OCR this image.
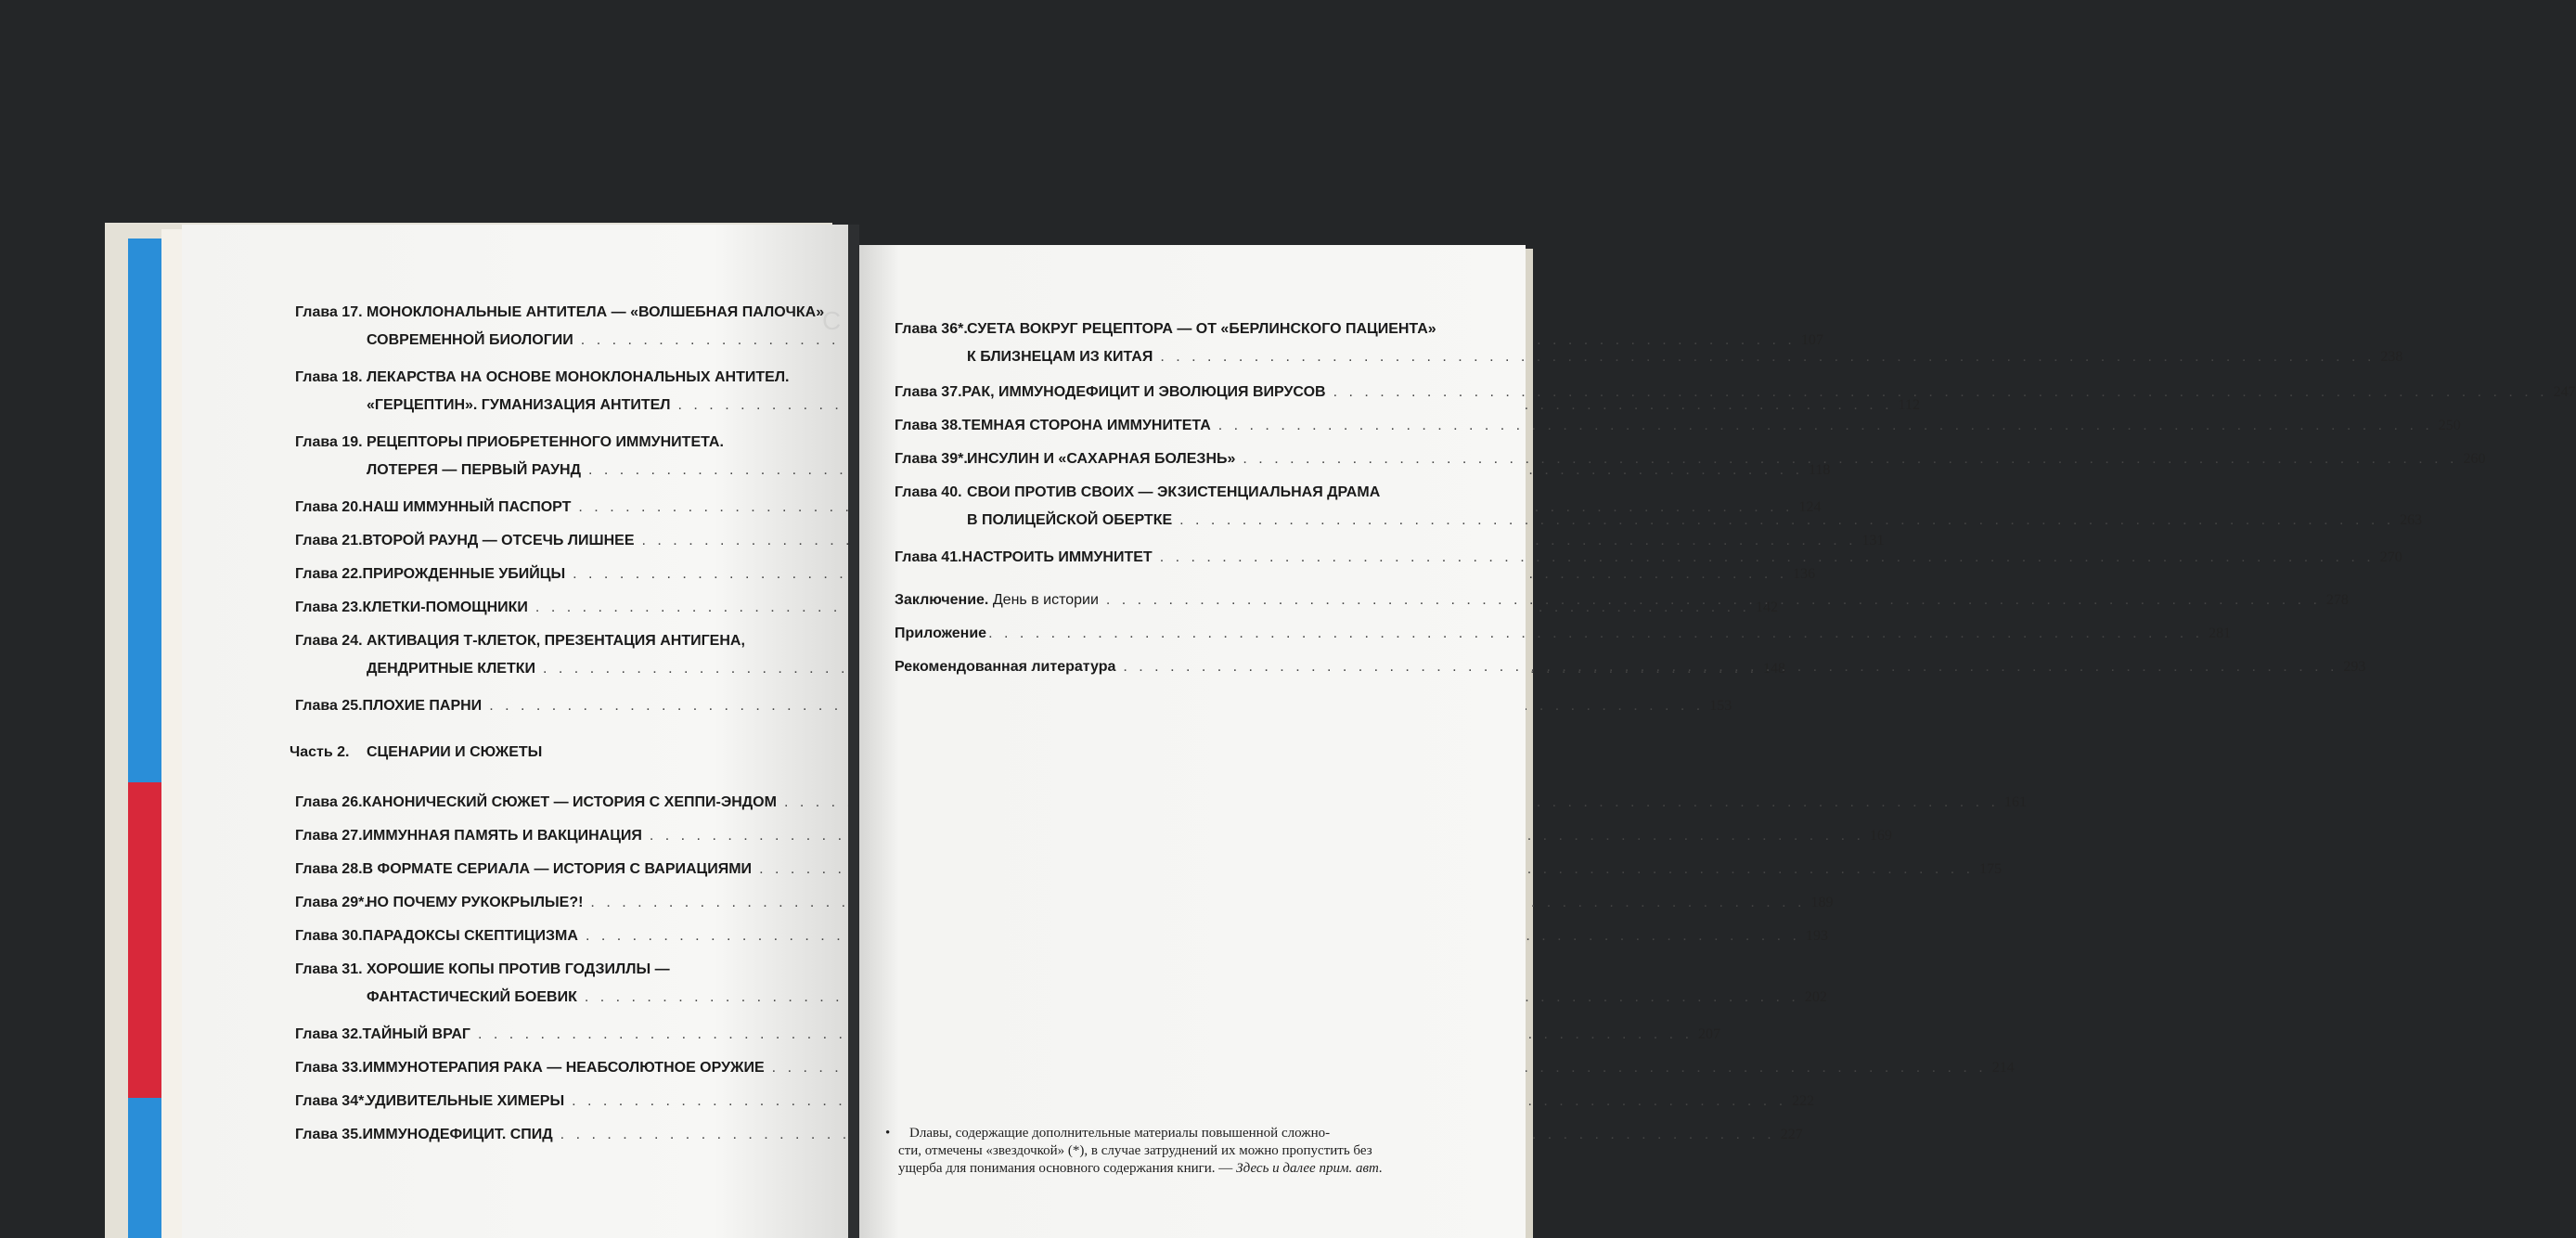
С
Глава 17. МОНОКЛОНАЛЬНЫЕ АНТИТЕЛА — «ВОЛШЕБНАЯ ПАЛОЧКА»
СОВРЕМЕННОЙ БИОЛОГИИ . . .	107
Глава 18. ЛЕКАРСТВА НА ОСНОВЕ МОНОКЛОНАЛЬНЫХ АНТИТЕЛ.
«ГЕРЦЕПТИН». ГУМАНИЗАЦИЯ АНТИТЕЛ . . .	112
Глава 19. РЕЦЕПТОРЫ ПРИОБРЕТЕННОГО ИММУНИТЕТА.
ЛОТЕРЕЯ — ПЕРВЫЙ РАУНД . . .	118
Глава 20. НАШ ИММУННЫЙ ПАСПОРТ . . .	124
Глава 21. ВТОРОЙ РАУНД — ОТСЕЧЬ ЛИШНЕЕ . . .	131
Глава 22. ПРИРОЖДЕННЫЕ УБИЙЦЫ . . .	136
Глава 23. КЛЕТКИ-ПОМОЩНИКИ . . .	142
Глава 24. АКТИВАЦИЯ Т-КЛЕТОК, ПРЕЗЕНТАЦИЯ АНТИГЕНА,
ДЕНДРИТНЫЕ КЛЕТКИ . . .	148
Глава 25. ПЛОХИЕ ПАРНИ . . .	153
Часть 2.	СЦЕНАРИИ И СЮЖЕТЫ
Глава 26. КАНОНИЧЕСКИЙ СЮЖЕТ — ИСТОРИЯ С ХЕППИ-ЭНДОМ . . .	161
Глава 27. ИММУННАЯ ПАМЯТЬ И ВАКЦИНАЦИЯ . . .	169
Глава 28. В ФОРМАТЕ СЕРИАЛА — ИСТОРИЯ С ВАРИАЦИЯМИ . . .	175
Глава 29*.
НО ПОЧЕМУ РУКОКРЫЛЫЕ?! . . .	189
Глава 30. ПАРАДОКСЫ СКЕПТИЦИЗМА . . .	193
Глава 31. ХОРОШИЕ КОПЫ ПРОТИВ ГОДЗИЛЛЫ —
ФАНТАСТИЧЕСКИЙ БОЕВИК . . .	202
Глава 32. ТАЙНЫЙ ВРАГ . . .	207
Глава 33. ИММУНОТЕРАПИЯ РАКА — НЕАБСОЛЮТНОЕ ОРУЖИЕ . . .	214
Глава 34*.
УДИВИТЕЛЬНЫЕ ХИМЕРЫ . . .	222
Глава 35. ИММУНОДЕФИЦИТ. СПИД . . .	227
Глава 36*. СУЕТА ВОКРУГ РЕЦЕПТОРА — ОТ «БЕРЛИНСКОГО ПАЦИЕНТА»
К БЛИЗНЕЦАМ ИЗ КИТАЯ . . .	238
Глава 37. РАК, ИММУНОДЕФИЦИТ И ЭВОЛЮЦИЯ ВИРУСОВ . . .	247
Глава 38. ТЕМНАЯ СТОРОНА ИММУНИТЕТА . . .	250
Глава 39*. ИНСУЛИН И «САХАРНАЯ БОЛЕЗНЬ» . . .	260
Глава 40. СВОИ ПРОТИВ СВОИХ — ЭКЗИСТЕНЦИАЛЬНАЯ ДРАМА
В ПОЛИЦЕЙСКОЙ ОБЕРТКЕ . . .	263
Глава 41. НАСТРОИТЬ ИММУНИТЕТ . . .	270
Заключение.
День в истории . . .	278
Приложение . . .	281
Рекомендованная литература . . .	293
•	Dлавы, содержащие дополнительные материалы повышенной сложно-
сти, отмечены «звездочкой» (*), в случае затруднений их можно пропустить без
ущерба для понимания основного содержания книги. — Здесь и далее прим. авт.
